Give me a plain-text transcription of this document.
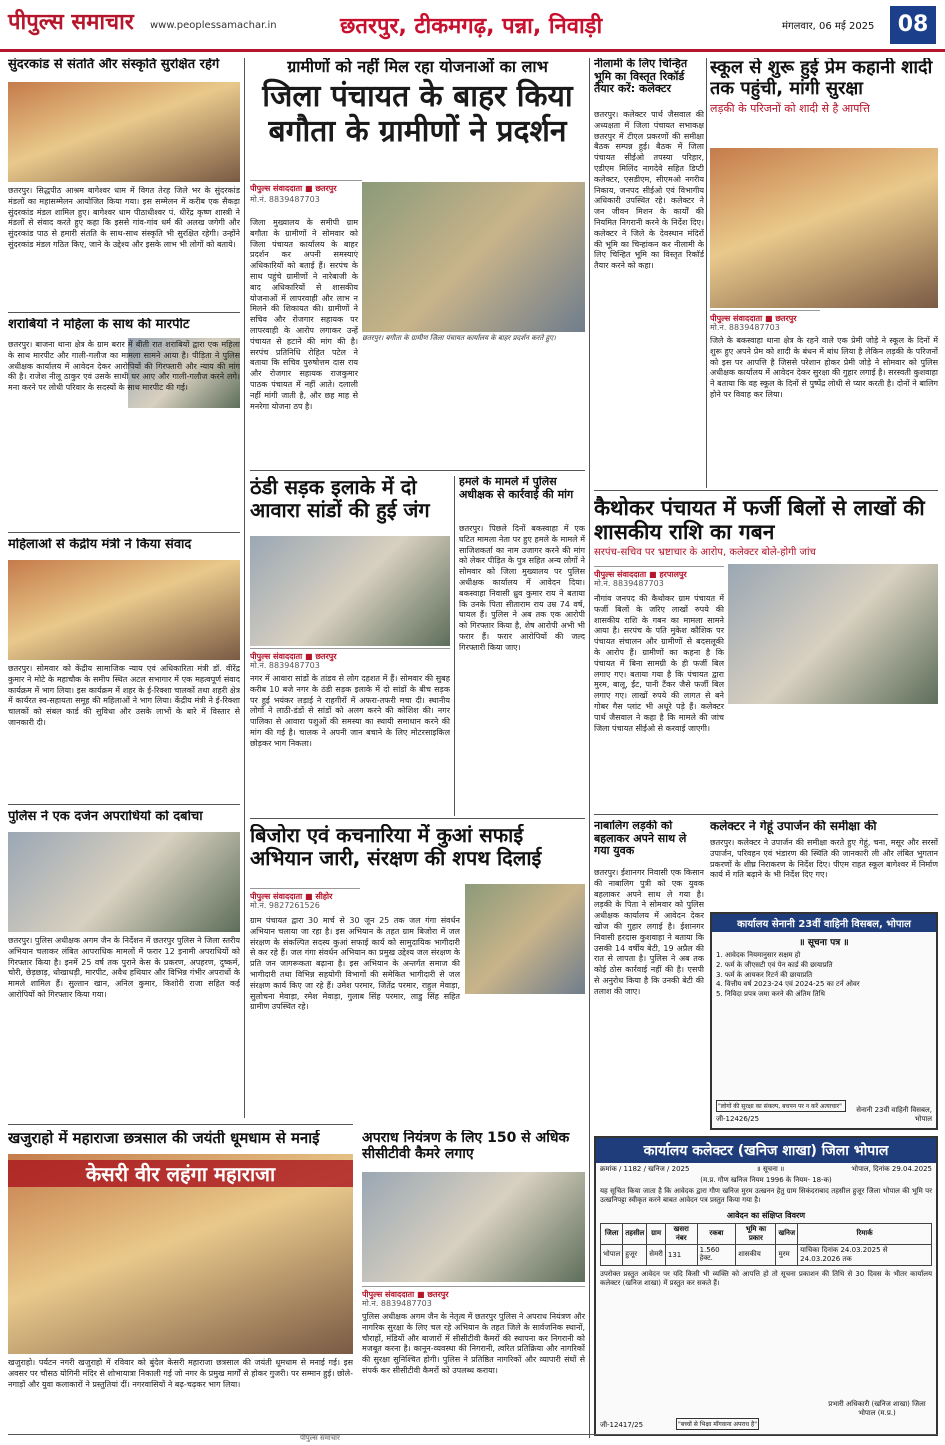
पीपुल्स समाचार www.peoplessamachar.in	छतरपुर, टीकमगढ़, पन्ना, निवाड़ी	मंगलवार, 06 मई 2025	08
सुंदरकांड से संतति और संस्कृति सुरक्षित रहेंगे
छतरपुर। सिद्धपीठ आश्रम बागेश्वर धाम में विगत तेरह जिले भर के सुंदरकांड मंडलों का महासम्मेलन आयोजित किया गया। इस सम्मेलन में करीब एक सैकड़ा सुंदरकांड मंडल शामिल हुए। बागेश्वर धाम पीठाधीश्वर पं. धीरेंद्र कृष्ण शास्त्री ने मंडलों से संवाद करते हुए कहा कि इससे गांव-गांव धर्म की अलख जगेगी और सुंदरकांड पाठ से हमारी संतति के साथ-साथ संस्कृति भी सुरक्षित रहेगी। उन्होंने सुंदरकांड मंडल गठित किए, जाने के उद्देश्य और इसके लाभ भी लोगों को बताये।
शराबियों ने महिला के साथ की मारपीट
छतरपुर। बाजना थाना क्षेत्र के ग्राम बरार में बीती रात शराबियों द्वारा एक महिला के साथ मारपीट और गाली-गलौज का मामला सामने आया है। पीड़िता ने पुलिस अधीक्षक कार्यालय में आवेदन देकर आरोपियों की गिरफ्तारी और न्याय की मांग की है। राजेश नीलू ठाकुर एवं उसके साथी घर आए और गाली-गलौज करने लगे। मना करने पर लोधी परिवार के सदस्यों के साथ मारपीट की गई।
महिलाओं से केंद्रीय मंत्री ने किया संवाद
छतरपुर। सोमवार को केंद्रीय सामाजिक न्याय एवं अधिकारिता मंत्री डॉ. वीरेंद्र कुमार ने मोटे के महाचौक के समीप स्थित अटल सभागार में एक महत्वपूर्ण संवाद कार्यक्रम में भाग लिया। इस कार्यक्रम में शहर के ई-रिक्शा चालकों तथा शहरी क्षेत्र में कार्यरत स्व-सहायता समूह की महिलाओं ने भाग लिया। केंद्रीय मंत्री ने ई-रिक्शा चालकों को संबल कार्ड की सुविधा और उसके लाभों के बारे में विस्तार से जानकारी दी।
पुलिस ने एक दर्जन अपराधियों को दबोचा
छतरपुर। पुलिस अधीक्षक अगम जैन के निर्देशन में छतरपुर पुलिस ने जिला स्तरीय अभियान चलाकर लंबित आपराधिक मामलों में फरार 12 इनामी अपराधियों को गिरफ्तार किया है। इनमें 25 वर्ष तक पुराने केस के प्रकरण, अपहरण, दुष्कर्म, चोरी, छेड़छाड़, धोखाधड़ी, मारपीट, अवैध हथियार और विभिन्न गंभीर अपराधों के मामले शामिल हैं। सुल्तान खान, अनिल कुमार, किशोरी राजा सहित कई आरोपियों को गिरफ्तार किया गया।
खजुराहो में महाराजा छत्रसाल की जयंती धूमधाम से मनाई
केसरी वीर लहंगा महाराजा
खजुराहो। पर्यटन नगरी खजुराहो में रविवार को बुंदेल केसरी महाराजा छत्रसाल की जयंती धूमधाम से मनाई गई। इस अवसर पर चौसठ योगिनी मंदिर से शोभायात्रा निकाली गई जो नगर के प्रमुख मार्गों से होकर गुजरी। पर सम्मान हुई। छोले-नगाड़ों और युवा कलाकारों ने प्रस्तुतियां दीं। नगरवासियों ने बढ़-चढ़कर भाग लिया।
ग्रामीणों को नहीं मिल रहा योजनाओं का लाभ
जिला पंचायत के बाहर किया बगौता के ग्रामीणों ने प्रदर्शन
पीपुल्स संवाददाता ■ छतरपुर
मो.नं. 8839487703
छतरपुर। बगौता के ग्रामीण जिला पंचायत कार्यालय के बाहर प्रदर्शन करते हुए।
जिला मुख्यालय के समीपी ग्राम बगौता के ग्रामीणों ने सोमवार को जिला पंचायत कार्यालय के बाहर प्रदर्शन कर अपनी समस्याएं अधिकारियों को बताई हैं। सरपंच के साथ पहुंचे ग्रामीणों ने नारेबाजी के बाद अधिकारियों से शासकीय योजनाओं में लापरवाही और लाभ न मिलने की शिकायत की। ग्रामीणों ने सचिव और रोजगार सहायक पर लापरवाही के आरोप लगाकर उन्हें पंचायत से हटाने की मांग की है। सरपंच प्रतिनिधि रोहित पटेल ने बताया कि सचिव पुरुषोत्तम दास राय और रोजगार सहायक राजकुमार पाठक पंचायत में नहीं आते। दलाली नहीं मांगी जाती है, और छह माह से मनरेगा योजना ठप है।
ठंडी सड़क इलाके में दो आवारा सांडों की हुई जंग
पीपुल्स संवाददाता ■ छतरपुर
मो.नं. 8839487703
नगर में आवारा सांडों के तांडव से लोग दहशत में हैं। सोमवार की सुबह करीब 10 बजे नगर के ठंडी सड़क इलाके में दो सांडों के बीच सड़क पर हुई भयंकर लड़ाई ने राहगीरों में अफरा-तफरी मचा दी। स्थानीय लोगों ने लाठी-डंडों से सांडों को अलग करने की कोशिश की। नगर पालिका से आवारा पशुओं की समस्या का स्थायी समाधान करने की मांग की गई है। चालक ने अपनी जान बचाने के लिए मोटरसाइकिल छोड़कर भाग निकला।
हमले के मामले में पुलिस अधीक्षक से कार्रवाई की मांग
छतरपुर। पिछले दिनों बकस्वाहा में एक घटित मामला नेता पर हुए हमले के मामले में साजिशकर्ता का नाम उजागर करने की मांग को लेकर पीड़ित के पुत्र सहित अन्य लोगों ने सोमवार को जिला मुख्यालय पर पुलिस अधीक्षक कार्यालय में आवेदन दिया। बकस्वाहा निवासी ध्रुव कुमार राय ने बताया कि उनके पिता सीताराम राय उम्र 74 वर्ष, घायल हैं। पुलिस ने अब तक एक आरोपी को गिरफ्तार किया है, शेष आरोपी अभी भी फरार हैं। फरार आरोपियों की जल्द गिरफ्तारी किया जाए।
बिजोरा एवं कचनारिया में कुआं सफाई अभियान जारी, संरक्षण की शपथ दिलाई
पीपुल्स संवाददाता ■ सीहोर
मो.नं. 9827261526
ग्राम पंचायत द्वारा 30 मार्च से 30 जून 25 तक जल गंगा संवर्धन अभियान चलाया जा रहा है। इस अभियान के तहत ग्राम बिजोरा में जल संरक्षण के संकल्पित सदस्य कुआं सफाई कार्य को सामुदायिक भागीदारी से कर रहे हैं। जल गंगा संवर्धन अभियान का प्रमुख उद्देश्य जल संरक्षण के प्रति जन जागरूकता बढ़ाना है। इस अभियान के अन्तर्गत समाज की भागीदारी तथा विभिन्न सहयोगी विभागों की समेकित भागीदारी से जल संरक्षण कार्य किए जा रहे हैं। उमेश परमार, जितेंद्र परमार, राहुल मेवाड़ा, सुलोचना मेवाड़ा, रमेश मेवाड़ा, गुलाब सिंह परमार, लाडु सिंह सहित ग्रामीण उपस्थित रहे।
अपराध नियंत्रण के लिए 150 से अधिक सीसीटीवी कैमरे लगाए
पीपुल्स संवाददाता ■ छतरपुर
मो.नं. 8839487703
पुलिस अधीक्षक अगम जैन के नेतृत्व में छतरपुर पुलिस ने अपराध नियंत्रण और नागरिक सुरक्षा के लिए चल रहे अभियान के तहत जिले के सार्वजनिक स्थानों, चौराहों, मंडियों और बाजारों में सीसीटीवी कैमरों की स्थापना कर निगरानी को मजबूत करना है। कानून-व्यवस्था की निगरानी, त्वरित प्रतिक्रिया और नागरिकों की सुरक्षा सुनिश्चित होगी। पुलिस ने प्रतिष्ठित नागरिकों और व्यापारी संघों से संपर्क कर सीसीटीवी कैमरों को उपलब्ध कराया।
नीलामी के लिए चिन्हित भूमि का विस्तृत रिकॉर्ड तैयार करें: कलेक्टर
छतरपुर। कलेक्टर पार्थ जैसवाल की अध्यक्षता में जिला पंचायत सभाकक्ष छतरपुर में टीएल प्रकरणों की समीक्षा बैठक सम्पन्न हुई। बैठक में जिला पंचायत सीईओ तपस्या परिहार, एडीएम मिलिंद नागदेवे सहित डिप्टी कलेक्टर, एसडीएम, सीएमओ नगरीय निकाय, जनपद सीईओ एवं विभागीय अधिकारी उपस्थित रहे। कलेक्टर ने जन जीवन मिशन के कार्यों की नियमित निगरानी करने के निर्देश दिए। कलेक्टर ने जिले के देवस्थान मंदिरों की भूमि का चिन्हांकन कर नीलामी के लिए चिन्हित भूमि का विस्तृत रिकॉर्ड तैयार करने को कहा।
स्कूल से शुरू हुई प्रेम कहानी शादी तक पहुंची, मांगी सुरक्षा
लड़की के परिजनों को शादी से है आपत्ति
पीपुल्स संवाददाता ■ छतरपुर
मो.नं. 8839487703
जिले के बकस्वाहा थाना क्षेत्र के रहने वाले एक प्रेमी जोड़े ने स्कूल के दिनों में शुरू हुए अपने प्रेम को शादी के बंधन में बांध लिया है लेकिन लड़की के परिजनों को इस पर आपत्ति है जिससे परेशान होकर प्रेमी जोड़े ने सोमवार को पुलिस अधीक्षक कार्यालय में आवेदन देकर सुरक्षा की गुहार लगाई है। सरस्वती कुशवाहा ने बताया कि वह स्कूल के दिनों से पुष्पेंद्र लोधी से प्यार करती है। दोनों ने बालिग होने पर विवाह कर लिया।
कैथोकर पंचायत में फर्जी बिलों से लाखों की शासकीय राशि का गबन
सरपंच-सचिव पर भ्रष्टाचार के आरोप, कलेक्टर बोले-होगी जांच
पीपुल्स संवाददाता ■ हरपालपुर
मो.नं. 8839487703
नौगांव जनपद की कैथोकर ग्राम पंचायत में फर्जी बिलों के जरिए लाखों रुपये की शासकीय राशि के गबन का मामला सामने आया है। सरपंच के पति मुकेश कौशिक पर पंचायत संचालन और ग्रामीणों से बदसलूकी के आरोप हैं। ग्रामीणों का कहना है कि पंचायत में बिना सामग्री के ही फर्जी बिल लगाए गए। बताया गया है कि पंचायत द्वारा मुरम, बालू, ईंट, पानी टैंकर जैसे फर्जी बिल लगाए गए। लाखों रुपये की लागत से बने गोबर गैस प्लांट भी अधूरे पड़े हैं। कलेक्टर पार्थ जैसवाल ने कहा है कि मामले की जांच जिला पंचायत सीईओ से करवाई जाएगी।
नाबालिग लड़की को बहलाकर अपने साथ ले गया युवक
छतरपुर। ईशानगर निवासी एक किसान की नाबालिग पुत्री को एक युवक बहलाकर अपने साथ ले गया है। लड़की के पिता ने सोमवार को पुलिस अधीक्षक कार्यालय में आवेदन देकर खोज की गुहार लगाई है। ईशानगर निवासी हरदास कुशवाहा ने बताया कि उसकी 14 वर्षीय बेटी, 19 अप्रैल की रात से लापता है। पुलिस ने अब तक कोई ठोस कार्रवाई नहीं की है। एसपी से अनुरोध किया है कि उनकी बेटी की तलाश की जाए।
कलेक्टर ने गेहूं उपार्जन की समीक्षा की
छतरपुर। कलेक्टर ने उपार्जन की समीक्षा करते हुए गेहूं, चना, मसूर और सरसों उपार्जन, परिवहन एवं भंडारण की स्थिति की जानकारी ली और लंबित भुगतान प्रकरणों के शीघ्र निराकरण के निर्देश दिए। पीएम राहत स्कूल बागेश्वर में निर्माण कार्य में गति बढ़ाने के भी निर्देश दिए गए।
कार्यालय सेनानी 23वीं वाहिनी विसबल, भोपाल
॥ सूचना पत्र ॥
1. आवेदक नियमानुसार सक्षम हो
2. फर्म के जीएसटी एवं पेन कार्ड की छायाप्रति
3. फर्म के आयकर रिटर्न की छायाप्रति
4. वित्तीय वर्ष 2023-24 एवं 2024-25 का टर्न ओवर
5. निविदा प्रपत्र जमा करने की अंतिम तिथि
जी-12426/25
"लोगों की सुरक्षा का संकल्प, बचपन पर न करें अत्याचार"	सेनानी 23वीं वाहिनी विसबल, भोपाल
कार्यालय कलेक्टर (खनिज शाखा) जिला भोपाल
क्रमांक / 1182 / खनिज / 2025	॥ सूचना ॥	भोपाल, दिनांक 29.04.2025
(म.प्र. गौण खनिज नियम 1996 के नियम- 18-क)
यह सूचित किया जाता है कि आवेदक द्वारा गौण खनिज मुरम उत्खनन हेतु ग्राम सिकंदराबाद तहसील हुजूर जिला भोपाल की भूमि पर उत्खनिपट्टा स्वीकृत करने बाबत आवेदन पत्र प्रस्तुत किया गया है।
आवेदन का संक्षिप्त विवरण
जिला	तहसील	ग्राम	खसरा नंबर	रकबा	भूमि का प्रकार	खनिज	रिमार्क
भोपाल	हुजूर	सेमरी	131	1.560 हेक्ट.	शासकीय	मुरम	याचिका दिनांक 24.03.2025 से 24.03.2026 तक
उपरोक्त प्रस्तुत आवेदन पर यदि किसी भी व्यक्ति को आपत्ति हो तो सूचना प्रकाशन की तिथि से 30 दिवस के भीतर कार्यालय कलेक्टर (खनिज शाखा) में प्रस्तुत कर सकते हैं।
जी-12417/25	"बच्चों से भिक्षा माँगवाना अपराध है"
प्रभारी अधिकारी (खनिज शाखा) जिला भोपाल (म.प्र.)
पीपुल्स समाचार
